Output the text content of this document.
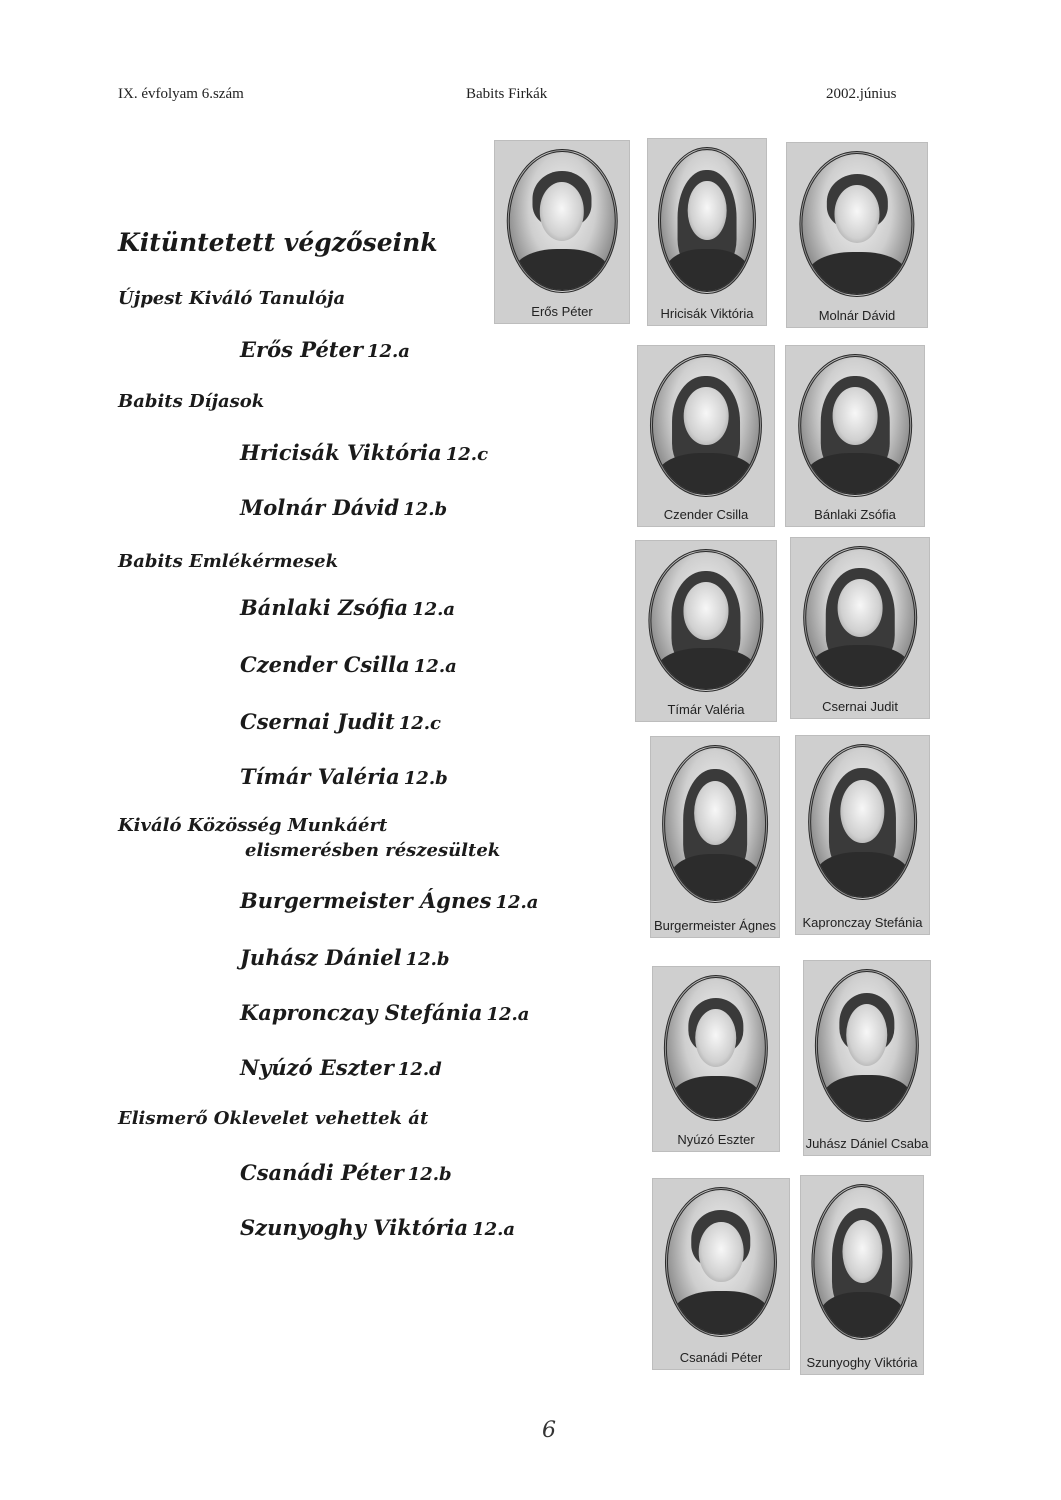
IX. évfolyam 6.szám	Babits Firkák	2002.június
Kitüntetett végzőseink
Újpest Kiváló Tanulója
Erős Péter 12.a
Babits Díjasok
Hricisák Viktória 12.c
Molnár Dávid 12.b
Babits Emlékérmesek
Bánlaki Zsófia 12.a
Czender Csilla 12.a
Csernai Judit 12.c
Tímár Valéria 12.b
Kiváló Közösség Munkáért
elismerésben részesültek
Burgermeister Ágnes 12.a
Juhász Dániel 12.b
Kapronczay Stefánia 12.a
Nyúzó Eszter 12.d
Elismerő Oklevelet vehettek át
Csanádi Péter 12.b
Szunyoghy Viktória 12.a
Erős Péter	Hricisák Viktória	Molnár Dávid
Czender Csilla	Bánlaki Zsófia
Tímár Valéria	Csernai Judit
Burgermeister Ágnes	Kapronczay Stefánia
Nyúzó Eszter	Juhász Dániel Csaba
Csanádi Péter	Szunyoghy Viktória
6
